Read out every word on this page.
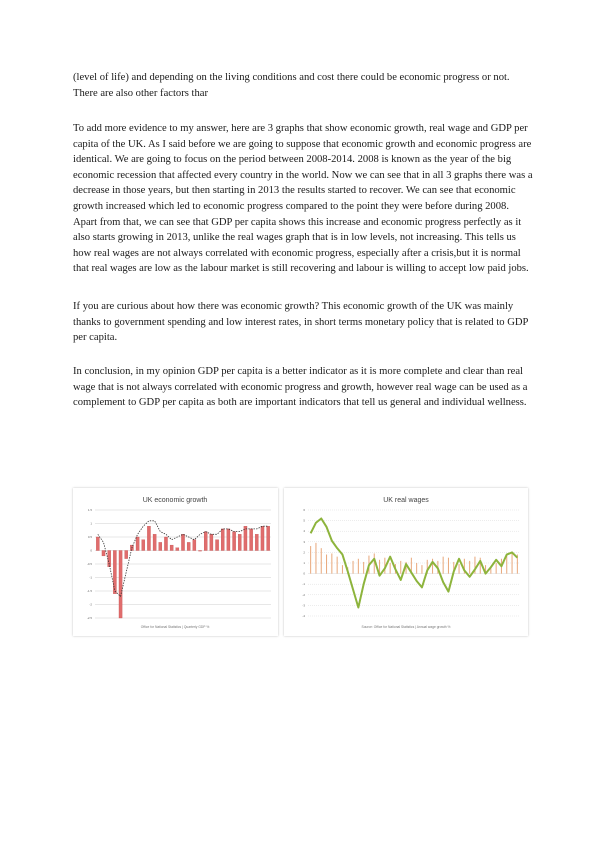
(level of life) and depending on the living conditions and cost there could be economic progress or not. There are also other factors thar

To add more evidence to my answer, here are 3 graphs that show economic growth, real wage and GDP per capita of the UK. As I said before we are going to suppose that economic growth and economic progress are identical. We are going to focus on the period between 2008-2014. 2008 is known as the year of the big economic recession that affected every country in the world. Now we can see that in all 3 graphs there was a decrease in those years, but then starting in 2013 the results started to recover. We can see that economic growth increased which led to economic progress compared to the point they were before during 2008. Apart from that, we can see that GDP per capita shows this increase and economic progress perfectly as it also starts growing in 2013, unlike the real wages graph that is in low levels, not increasing. This tells us how real wages are not always correlated with economic progress, especially after a crisis,but it is normal that real wages are low as the labour market is still recovering and labour is willing to accept low paid jobs.

If you are curious about how there was economic growth? This economic growth of the UK was mainly thanks to government spending and low interest rates, in short terms monetary policy that is related to GDP per capita.

In conclusion, in my opinion GDP per capita is a better indicator as it is more complete and clear than real wage that is not always correlated with economic progress and growth, however real wage can be used as a complement to GDP per capita as both are important indicators that tell us general and individual wellness.

UK economic growth
1.5
1
0.5
0
-0.5
-1
-1.5
-2
-2.5
Office for National Statistics | Quarterly GDP %
UK real wages
6
5
4
3
2
1
0
-1
-2
-3
-4
Source: Office for National Statistics | Annual wage growth %
